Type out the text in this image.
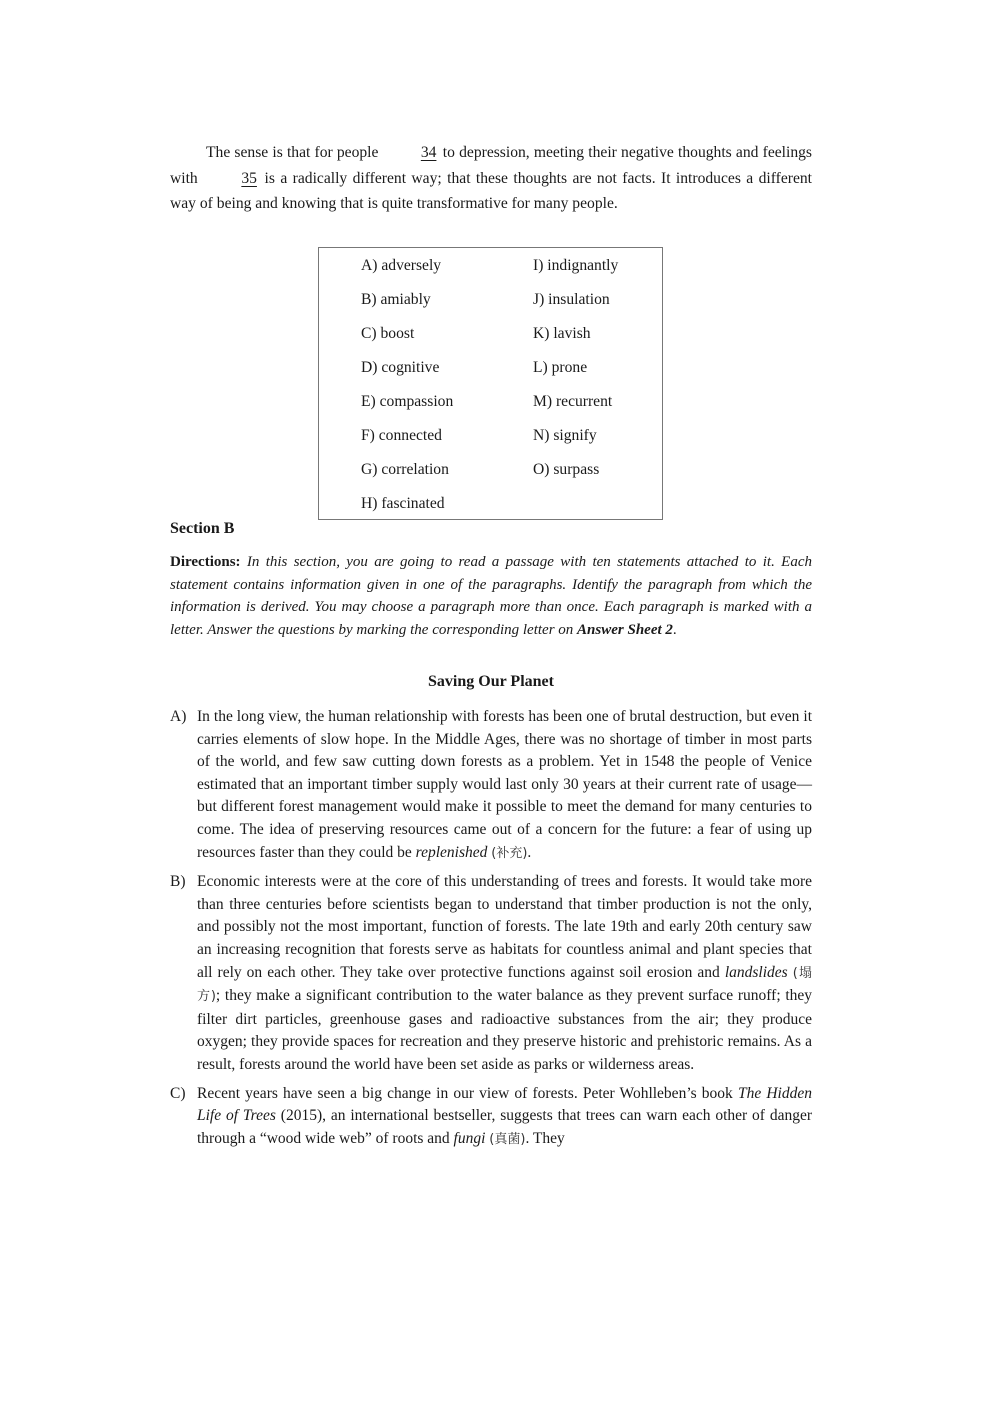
The sense is that for people 34 to depression, meeting their negative thoughts and feelings with 35 is a radically different way; that these thoughts are not facts. It introduces a different way of being and knowing that is quite transformative for many people.

A) adversely
B) amiably
C) boost
D) cognitive
E) compassion
F) connected
G) correlation
H) fascinated
I) indignantly
J) insulation
K) lavish
L) prone
M) recurrent
N) signify
O) surpass
Section B
Directions: In this section, you are going to read a passage with ten statements attached to it. Each statement contains information given in one of the paragraphs. Identify the paragraph from which the information is derived. You may choose a paragraph more than once. Each paragraph is marked with a letter. Answer the questions by marking the corresponding letter on Answer Sheet 2.
Saving Our Planet

A) In the long view, the human relationship with forests has been one of brutal destruction, but even it carries elements of slow hope. In the Middle Ages, there was no shortage of timber in most parts of the world, and few saw cutting down forests as a problem. Yet in 1548 the people of Venice estimated that an important timber supply would last only 30 years at their current rate of usage—but different forest management would make it possible to meet the demand for many centuries to come. The idea of preserving resources came out of a concern for the future: a fear of using up resources faster than they could be replenished (补充).

B) Economic interests were at the core of this understanding of trees and forests. It would take more than three centuries before scientists began to understand that timber production is not the only, and possibly not the most important, function of forests. The late 19th and early 20th century saw an increasing recognition that forests serve as habitats for countless animal and plant species that all rely on each other. They take over protective functions against soil erosion and landslides (塌方); they make a significant contribution to the water balance as they prevent surface runoff; they filter dirt particles, greenhouse gases and radioactive substances from the air; they produce oxygen; they provide spaces for recreation and they preserve historic and prehistoric remains. As a result, forests around the world have been set aside as parks or wilderness areas.

C) Recent years have seen a big change in our view of forests. Peter Wohlleben’s book The Hidden Life of Trees (2015), an international bestseller, suggests that trees can warn each other of danger through a “wood wide web” of roots and fungi (真菌). They
